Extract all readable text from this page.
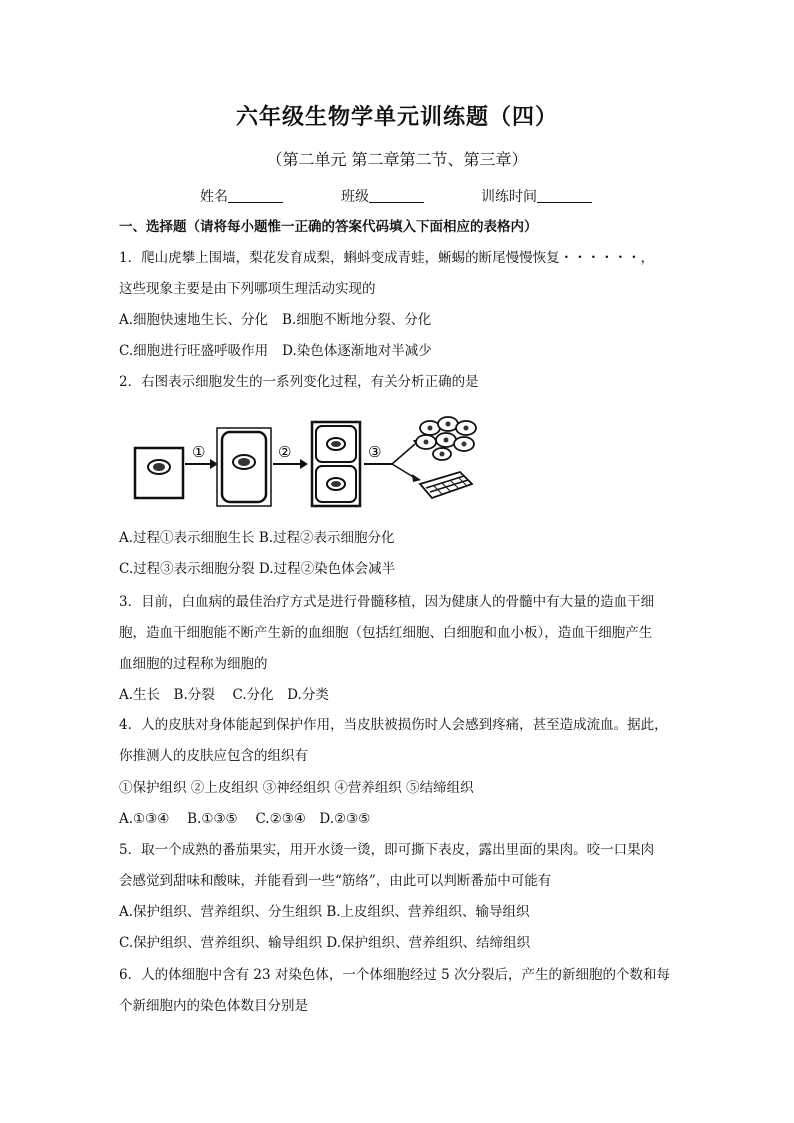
六年级生物学单元训练题（四）
（第二单元 第二章第二节、第三章）
姓名	班级	训练时间
一、选择题（请将每小题惟一正确的答案代码填入下面相应的表格内）
1．爬山虎攀上围墙，梨花发育成梨，蝌蚪变成青蛙，蜥蜴的断尾慢慢恢复・・・・・・，
这些现象主要是由下列哪项生理活动实现的
A.细胞快速地生长、分化 B.细胞不断地分裂、分化
C.细胞进行旺盛呼吸作用 D.染色体逐渐地对半减少
2．右图表示细胞发生的一系列变化过程，有关分析正确的是
①	②	③
A.过程①表示细胞生长 B.过程②表示细胞分化
C.过程③表示细胞分裂 D.过程②染色体会减半
3．目前，白血病的最佳治疗方式是进行骨髓移植，因为健康人的骨髓中有大量的造血干细
胞，造血干细胞能不断产生新的血细胞（包括红细胞、白细胞和血小板），造血干细胞产生
血细胞的过程称为细胞的
A.生长　B.分裂　 C.分化　D.分类
4．人的皮肤对身体能起到保护作用，当皮肤被损伤时人会感到疼痛，甚至造成流血。据此，
你推测人的皮肤应包含的组织有
①保护组织 ②上皮组织 ③神经组织 ④营养组织 ⑤结缔组织
A.①③④　 B.①③⑤　 C.②③④　D.②③⑤
5．取一个成熟的番茄果实，用开水烫一烫，即可撕下表皮，露出里面的果肉。咬一口果肉
会感觉到甜味和酸味，并能看到一些“筋络”，由此可以判断番茄中可能有
A.保护组织、营养组织、分生组织 B.上皮组织、营养组织、输导组织
C.保护组织、营养组织、输导组织 D.保护组织、营养组织、结缔组织
6．人的体细胞中含有 23 对染色体，一个体细胞经过 5 次分裂后，产生的新细胞的个数和每
个新细胞内的染色体数目分别是
